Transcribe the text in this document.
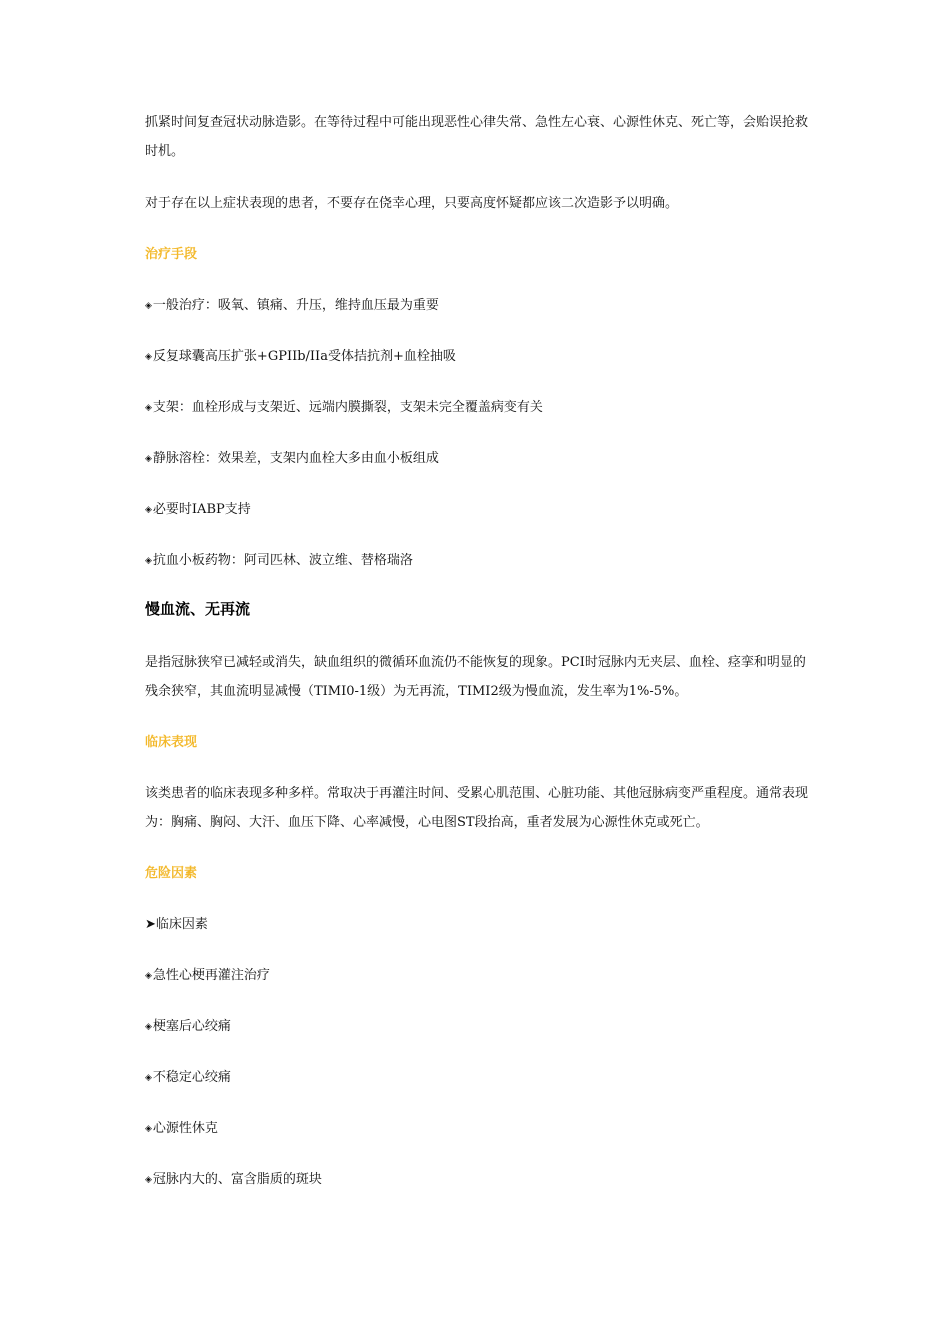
抓紧时间复查冠状动脉造影。在等待过程中可能出现恶性心律失常、急性左心衰、心源性休克、死亡等，会贻误抢救时机。

对于存在以上症状表现的患者，不要存在侥幸心理，只要高度怀疑都应该二次造影予以明确。

治疗手段

◈一般治疗：吸氧、镇痛、升压，维持血压最为重要

◈反复球囊高压扩张+GPIIb/IIa受体拮抗剂+血栓抽吸

◈支架：血栓形成与支架近、远端内膜撕裂，支架未完全覆盖病变有关

◈静脉溶栓：效果差，支架内血栓大多由血小板组成

◈必要时IABP支持

◈抗血小板药物：阿司匹林、波立维、替格瑞洛

慢血流、无再流

是指冠脉狭窄已减轻或消失，缺血组织的微循环血流仍不能恢复的现象。PCI时冠脉内无夹层、血栓、痉挛和明显的残余狭窄，其血流明显减慢（TIMI0-1级）为无再流，TIMI2级为慢血流，发生率为1%-5%。

临床表现

该类患者的临床表现多种多样。常取决于再灌注时间、受累心肌范围、心脏功能、其他冠脉病变严重程度。通常表现为：胸痛、胸闷、大汗、血压下降、心率减慢，心电图ST段抬高，重者发展为心源性休克或死亡。

危险因素

➤临床因素

◈急性心梗再灌注治疗

◈梗塞后心绞痛

◈不稳定心绞痛

◈心源性休克

◈冠脉内大的、富含脂质的斑块
